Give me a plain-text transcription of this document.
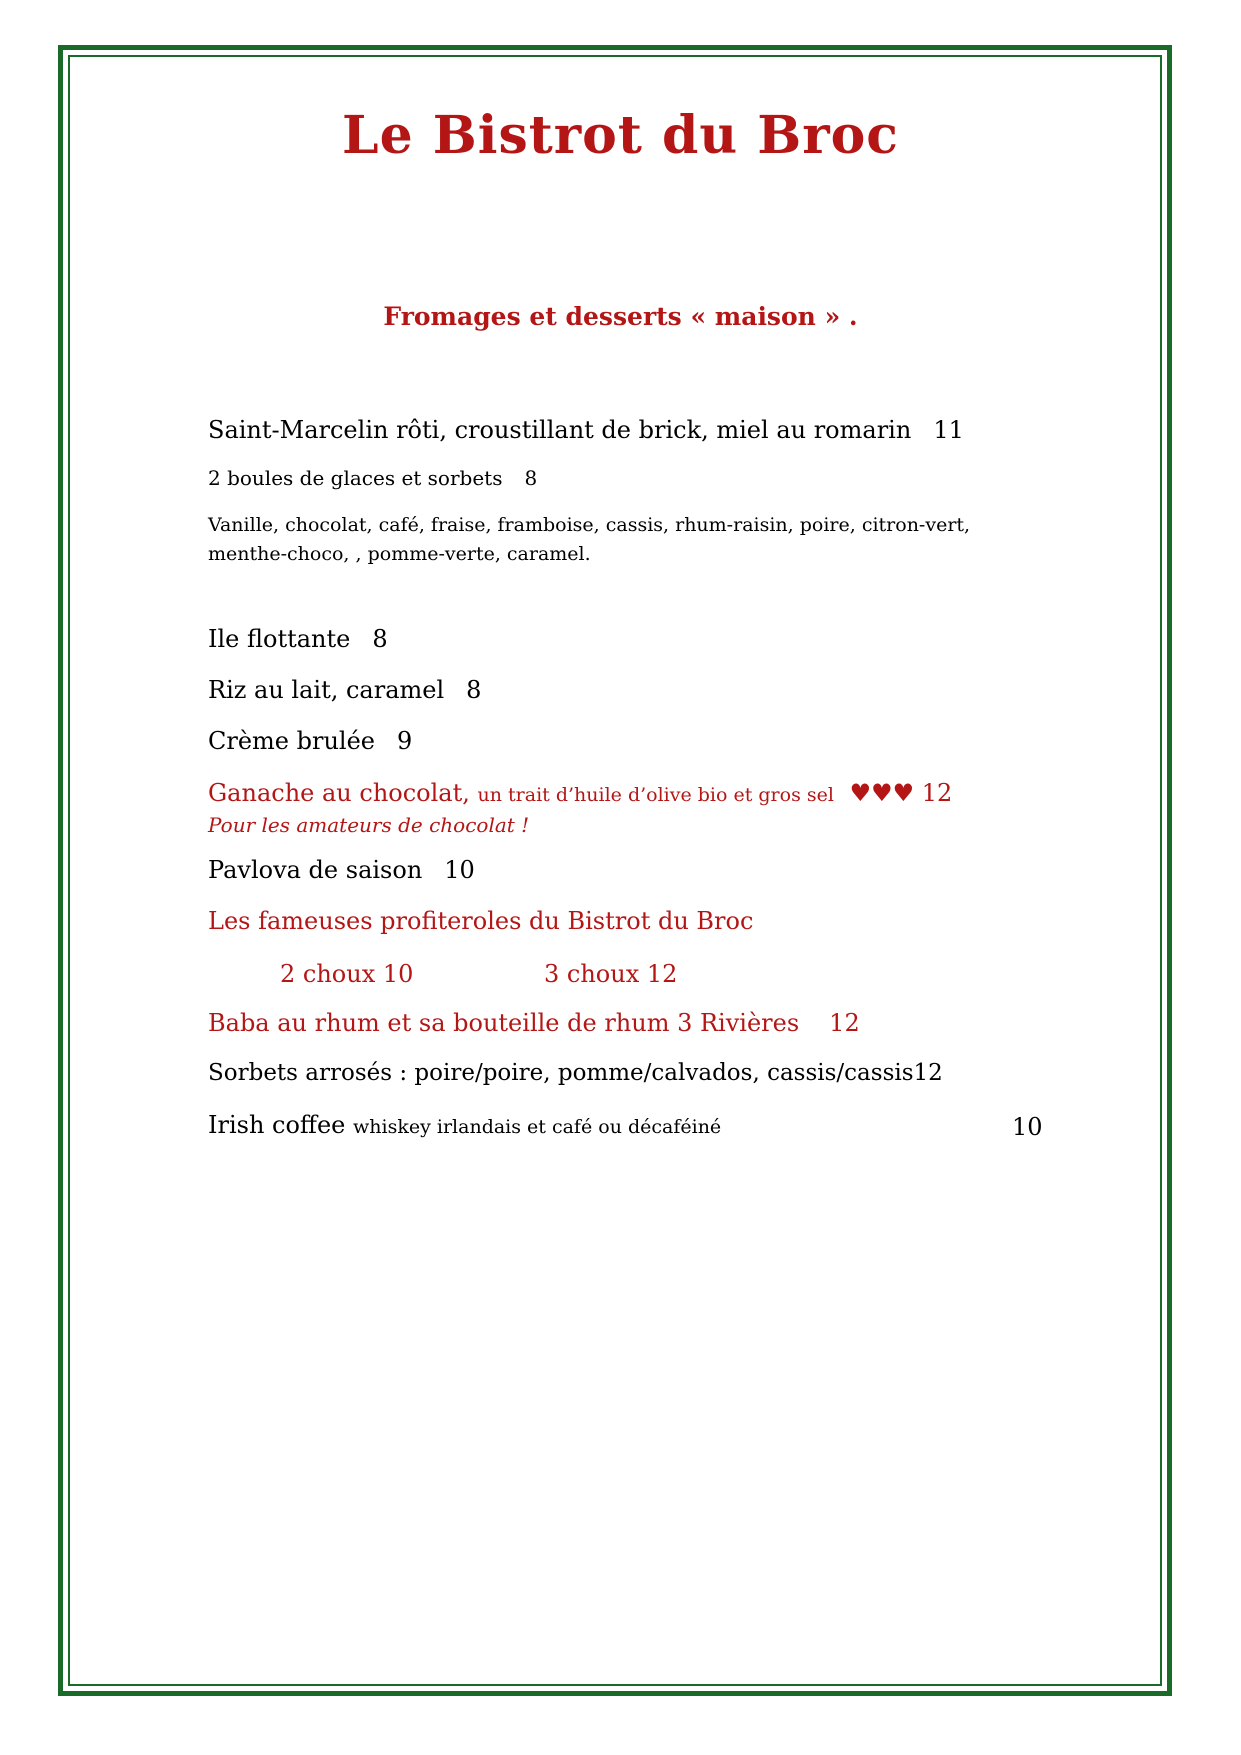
Le Bistrot du Broc
Fromages et desserts « maison » .
Saint-Marcelin rôti, croustillant de brick, miel au romarin 11
2 boules de glaces et sorbets 8
Vanille, chocolat, café, fraise, framboise, cassis, rhum-raisin, poire, citron-vert,
menthe-choco, , pomme-verte, caramel.
Ile flottante 8
Riz au lait, caramel 8
Crème brulée 9
Ganache au chocolat, un trait d’huile d’olive bio et gros sel ♥♥♥ 12
Pour les amateurs de chocolat !
Pavlova de saison 10
Les fameuses profiteroles du Bistrot du Broc
2 choux 10	3 choux 12
Baba au rhum et sa bouteille de rhum 3 Rivières 12
Sorbets arrosés : poire/poire, pomme/calvados, cassis/cassis12
Irish coffee whiskey irlandais et café ou décaféiné	10
